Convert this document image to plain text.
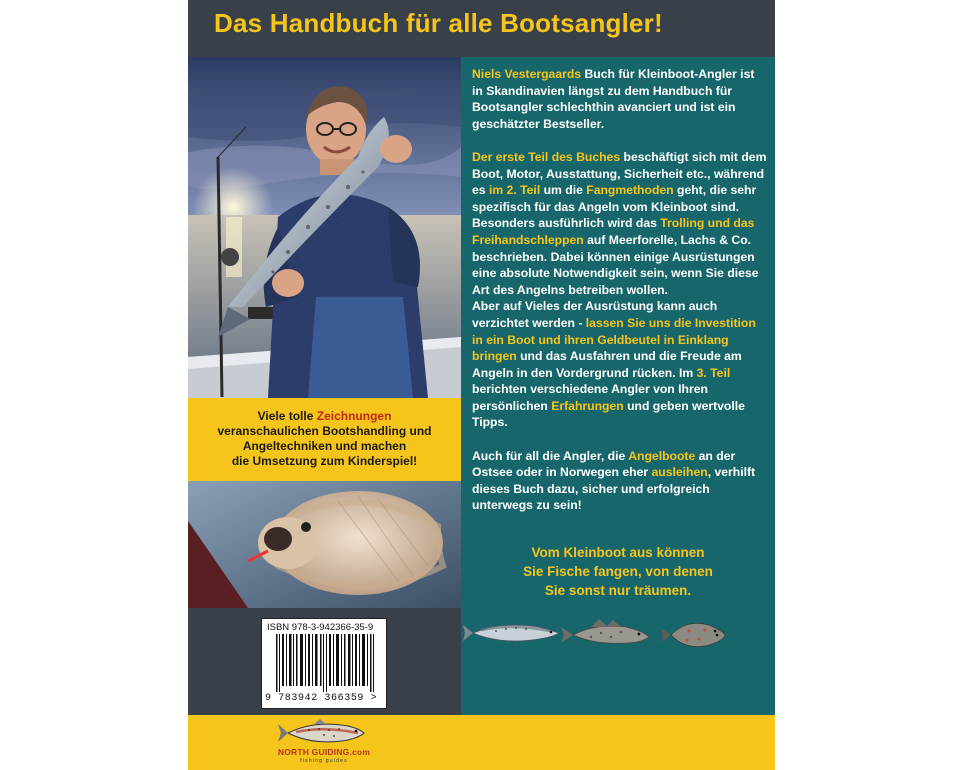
Das Handbuch für alle Bootsangler!

Viele tolle Zeichnungen
veranschaulichen Bootshandling und
Angeltechniken und machen
die Umsetzung zum Kinderspiel!

ISBN 978-3-942366-35-9
9 783942 366359 >

Niels Vestergaards Buch für Kleinboot-Angler ist in Skandinavien längst zu dem Handbuch für Bootsangler schlechthin avanciert und ist ein geschätzter Bestseller.

Der erste Teil des Buches beschäftigt sich mit dem Boot, Motor, Ausstattung, Sicherheit etc., während es im 2. Teil um die Fangmethoden geht, die sehr spezifisch für das Angeln vom Kleinboot sind. Besonders ausführlich wird das Trolling und das Freihandschleppen auf Meerforelle, Lachs & Co. beschrieben. Dabei können einige Ausrüstungen eine absolute Notwendigkeit sein, wenn Sie diese Art des Angelns betreiben wollen.

Aber auf Vieles der Ausrüstung kann auch verzichtet werden - lassen Sie uns die Investition in ein Boot und ihren Geldbeutel in Einklang bringen und das Ausfahren und die Freude am Angeln in den Vordergrund rücken. Im 3. Teil berichten verschiedene Angler von Ihren persönlichen Erfahrungen und geben wertvolle Tipps.

Auch für all die Angler, die Angelboote an der Ostsee oder in Norwegen eher ausleihen, verhilft dieses Buch dazu, sicher und erfolgreich unterwegs zu sein!

Vom Kleinboot aus können
Sie Fische fangen, von denen
Sie sonst nur träumen.
NORTH GUIDING.com
fishing guides
